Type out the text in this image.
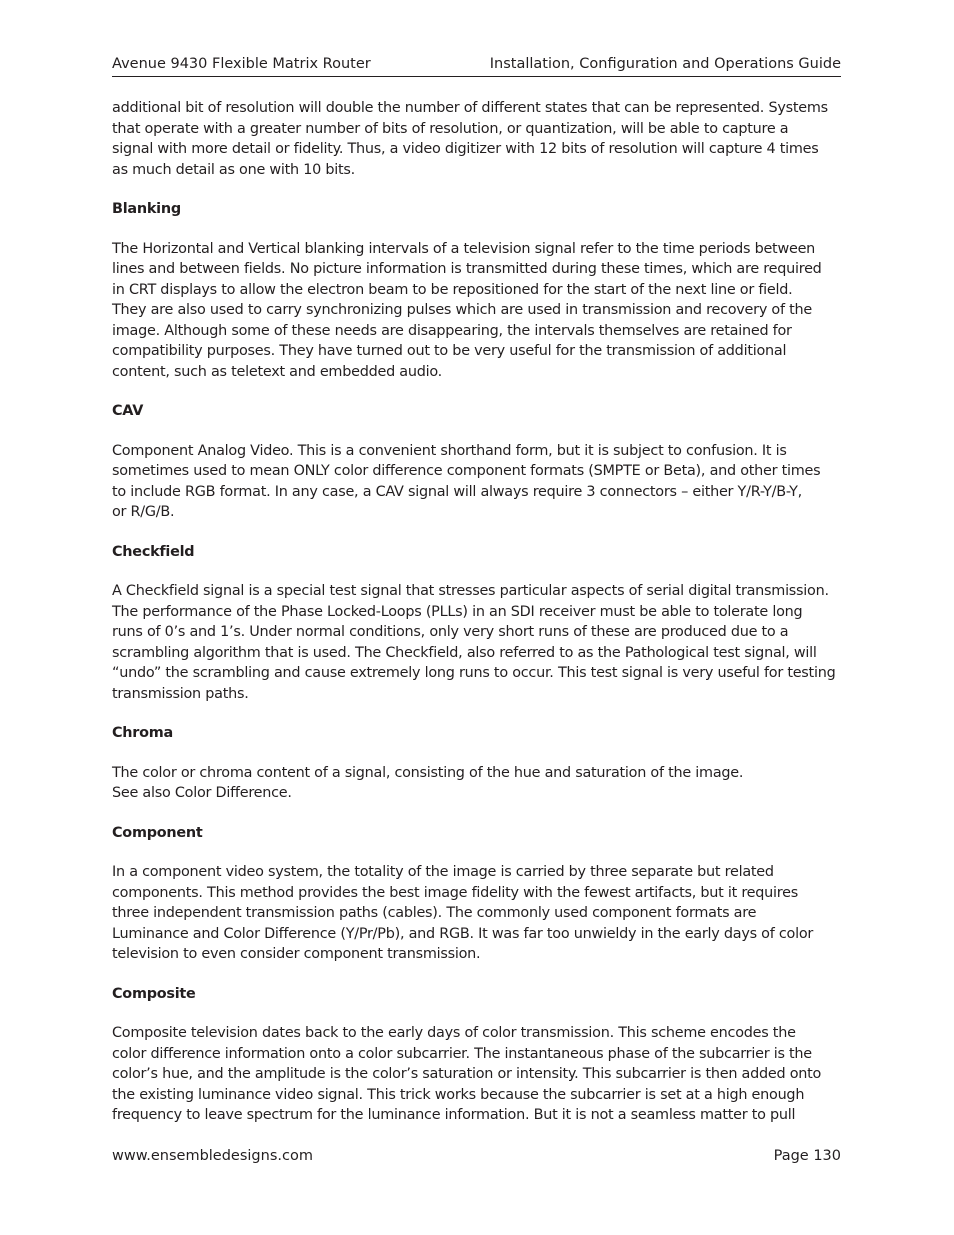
Avenue 9430 Flexible Matrix Router	Installation, Configuration and Operations Guide

additional bit of resolution will double the number of different states that can be represented. Systems
that operate with a greater number of bits of resolution, or quantization, will be able to capture a
signal with more detail or fidelity. Thus, a video digitizer with 12 bits of resolution will capture 4 times
as much detail as one with 10 bits.

Blanking

The Horizontal and Vertical blanking intervals of a television signal refer to the time periods between
lines and between fields. No picture information is transmitted during these times, which are required
in CRT displays to allow the electron beam to be repositioned for the start of the next line or field.
They are also used to carry synchronizing pulses which are used in transmission and recovery of the
image. Although some of these needs are disappearing, the intervals themselves are retained for
compatibility purposes. They have turned out to be very useful for the transmission of additional
content, such as teletext and embedded audio.

CAV

Component Analog Video. This is a convenient shorthand form, but it is subject to confusion. It is
sometimes used to mean ONLY color difference component formats (SMPTE or Beta), and other times
to include RGB format. In any case, a CAV signal will always require 3 connectors – either Y/R-Y/B-Y,
or R/G/B.

Checkfield

A Checkfield signal is a special test signal that stresses particular aspects of serial digital transmission.
The performance of the Phase Locked-Loops (PLLs) in an SDI receiver must be able to tolerate long
runs of 0’s and 1’s. Under normal conditions, only very short runs of these are produced due to a
scrambling algorithm that is used. The Checkfield, also referred to as the Pathological test signal, will
“undo” the scrambling and cause extremely long runs to occur. This test signal is very useful for testing
transmission paths.

Chroma

The color or chroma content of a signal, consisting of the hue and saturation of the image.
See also Color Difference.

Component

In a component video system, the totality of the image is carried by three separate but related
components. This method provides the best image fidelity with the fewest artifacts, but it requires
three independent transmission paths (cables). The commonly used component formats are
Luminance and Color Difference (Y/Pr/Pb), and RGB. It was far too unwieldy in the early days of color
television to even consider component transmission.

Composite

Composite television dates back to the early days of color transmission. This scheme encodes the
color difference information onto a color subcarrier. The instantaneous phase of the subcarrier is the
color’s hue, and the amplitude is the color’s saturation or intensity. This subcarrier is then added onto
the existing luminance video signal. This trick works because the subcarrier is set at a high enough
frequency to leave spectrum for the luminance information. But it is not a seamless matter to pull

www.ensembledesigns.com	Page 130
